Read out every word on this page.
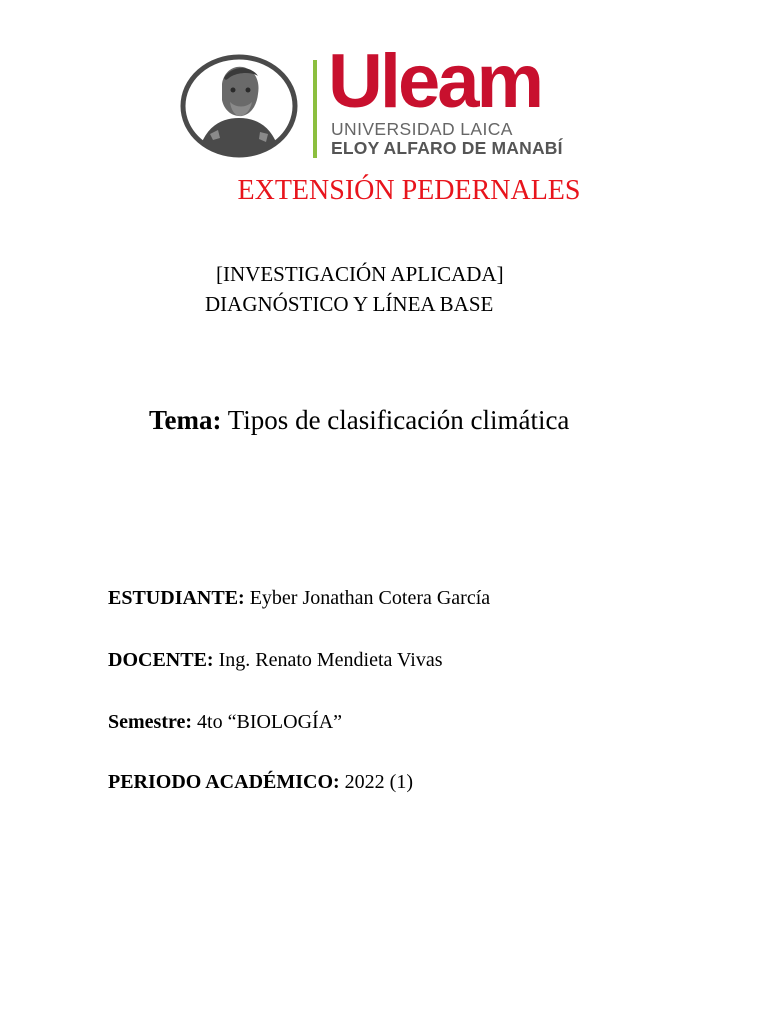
Uleam
UNIVERSIDAD LAICA
ELOY ALFARO DE MANABÍ
EXTENSIÓN PEDERNALES
[INVESTIGACIÓN APLICADA]
DIAGNÓSTICO Y LÍNEA BASE
Tema: Tipos de clasificación climática
ESTUDIANTE: Eyber Jonathan Cotera García
DOCENTE: Ing. Renato Mendieta Vivas
Semestre: 4to “BIOLOGÍA”
PERIODO ACADÉMICO: 2022 (1)
